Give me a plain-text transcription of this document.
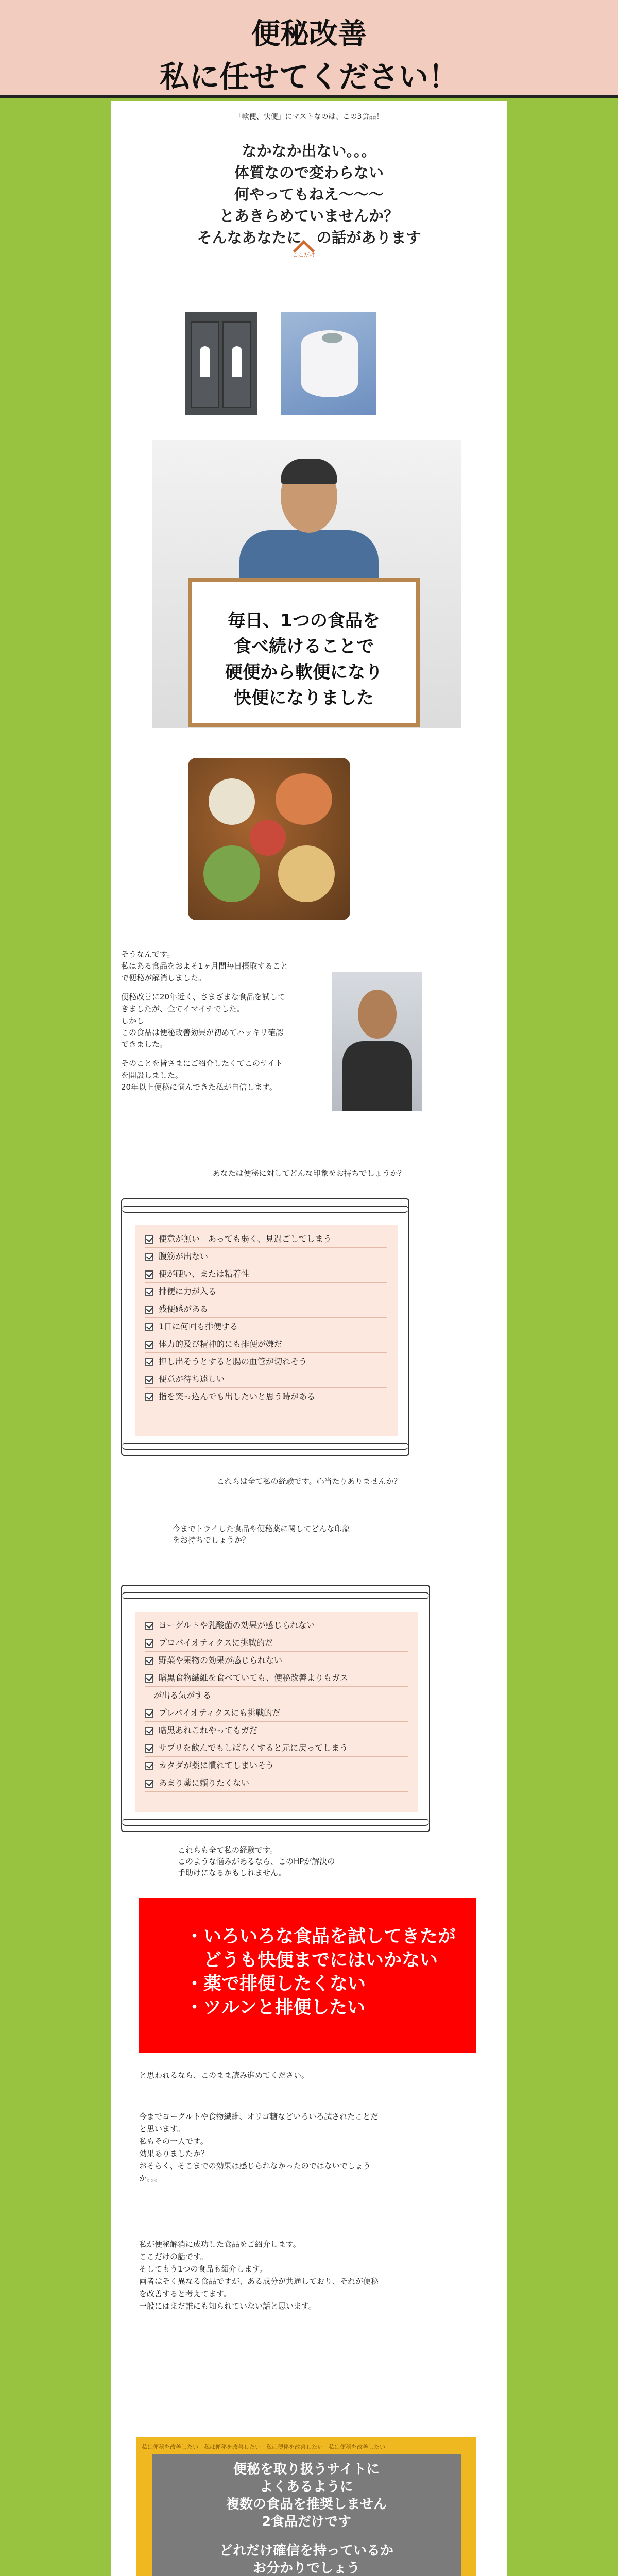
便秘改善
私に任せてください！
「軟便、快便」にマストなのは、この3食品！
なかなか出ない。。。
体質なので変わらない
何やってもねえ〜〜〜
とあきらめていませんか？
そんなあなたに　の話があります
ここだけ
毎日、1つの食品を
食べ続けることで
硬便から軟便になり
快便になりました
そうなんです。
私はある食品をおよそ1ヶ月間毎日摂取すること
で便秘が解消しました。
便秘改善に20年近く、さまざまな食品を試して
きましたが、全てイマイチでした。
しかし
この食品は便秘改善効果が初めてハッキリ確認
できました。
そのことを皆さまにご紹介したくてこのサイト
を開設しました。
20年以上便秘に悩んできた私が自信します。
あなたは便秘に対してどんな印象をお持ちでしょうか？
便意が無い　あっても弱く、見過ごしてしまう
腹筋が出ない
便が硬い、または粘着性
排便に力が入る
残便感がある
1日に何回も排便する
体力的及び精神的にも排便が嫌だ
押し出そうとすると腸の血管が切れそう
便意が待ち遠しい
指を突っ込んでも出したいと思う時がある
これらは全て私の経験です。心当たりありませんか？
今までトライした食品や便秘薬に関してどんな印象
をお持ちでしょうか？
ヨーグルトや乳酸菌の効果が感じられない
プロバイオティクスに挑戦的だ
野菜や果物の効果が感じられない
暗黒食物繊維を食べていても、便秘改善よりもガス
　が出る気がする
プレバイオティクスにも挑戦的だ
暗黒あれこれやってもガだ
サプリを飲んでもしばらくすると元に戻ってしまう
カタダが薬に慣れてしまいそう
あまり薬に頼りたくない
これらも全て私の経験です。
このような悩みがあるなら、このHPが解決の
手助けになるかもしれません。
・いろいろな食品を試してきたが
　どうも快便までにはいかない
・薬で排便したくない
・ツルンと排便したい
と思われるなら、このまま読み進めてください。
今までヨーグルトや食物繊維、オリゴ糖などいろいろ試されたことだ
と思います。
私もその一人です。
効果ありましたか？
おそらく、そこまでの効果は感じられなかったのではないでしょう
か。。。
私が便秘解消に成功した食品をご紹介します。
ここだけの話です。
そしてもう1つの食品も紹介します。
両者はそく異なる食品ですが、ある成分が共通しており、それが便秘
を改善すると考えてます。
一般にはまだ誰にも知られていない話と思います。
私は便秘を改善したい　私は便秘を改善したい　私は便秘を改善したい　私は便秘を改善したい
便秘を取り扱うサイトに
よくあるように
複数の食品を推奨しません
2食品だけです
どれだけ確信を持っているか
お分かりでしょう
